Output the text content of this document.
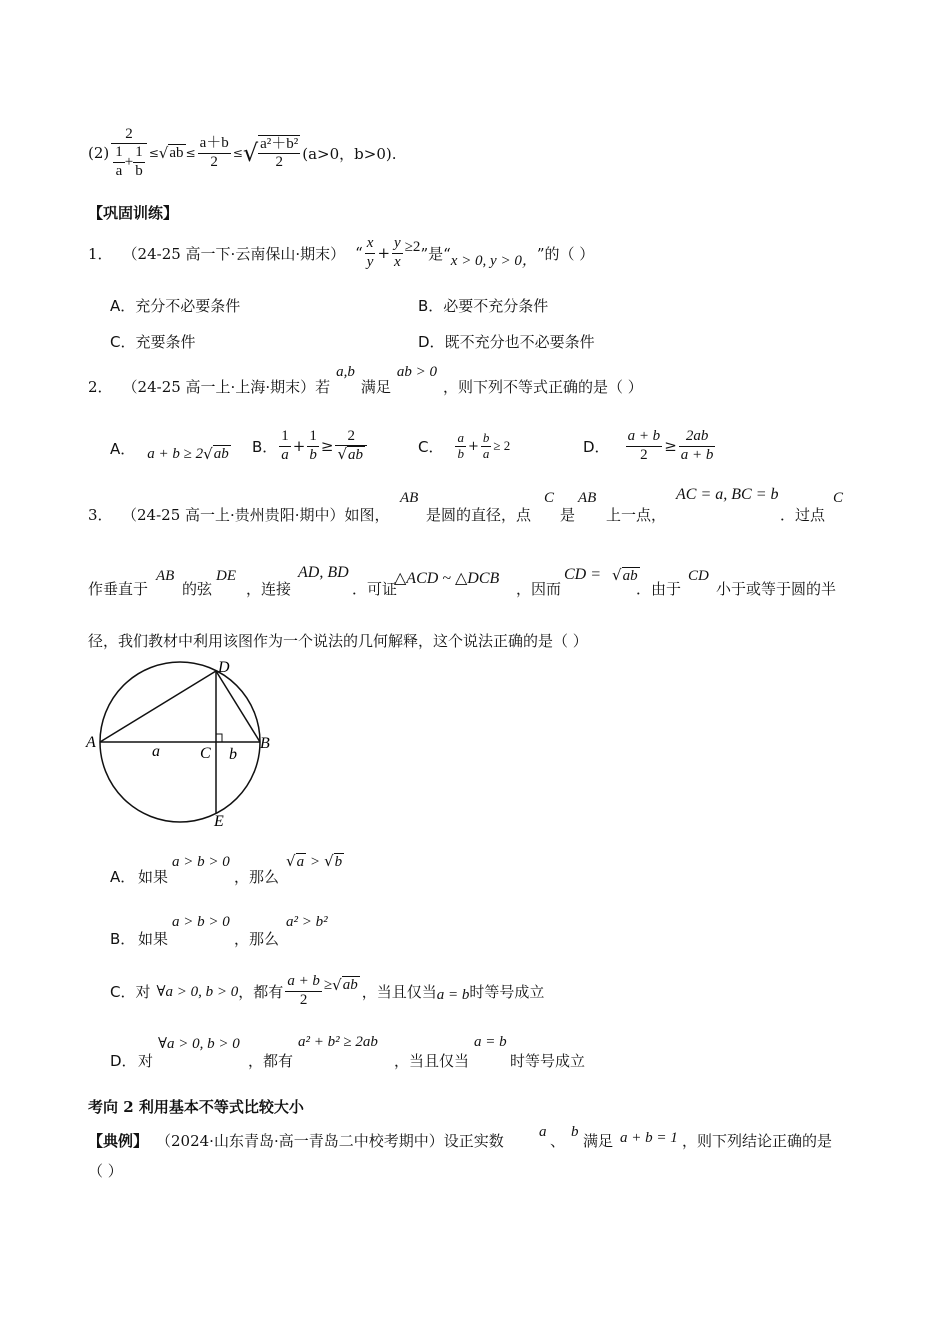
$(2) \frac{2}{\frac{1}{a} + \frac{1}{b}}$ ≤ √ ab ≤ $\frac{a+b}{2}$ ≤ √ $\frac{\text{a²＋b²}}{2} (a>0$，b>0).
【巩固训练】
1． （24-25 高一下·云南保山·期末） “ $\frac{x}{y} + \frac{y}{x} \ge 2$ ”是“ x > 0, y > 0， ”的（ ）
A．充分不必要条件	B．必要不充分条件
C．充要条件	D．既不充分也不必要条件
2． （24-25 高一上·上海·期末）若
a,b
满足
ab > 0
，则下列不等式正确的是（ ）
A． a + b ≥ 2 √ ab B． $\frac{1}{a} + \frac{1}{b} \ge \frac{2}{√ab}$	C． $\frac{a}{b} + \frac{b}{a} \ge 2$	D． $\frac{a + b}{2} \ge \frac{2ab}{a + b}$
3． （24-25 高一上·贵州贵阳·期中）如图，
AB
是圆的直径，点
C
是
AB
上一点，
AC = a, BC = b
．过点
C
作垂直于
AB
的弦
DE
，连接
AD, BD
．可证
△ACD ~ △DCB
，因而
CD = √ab
．由于
CD
小于或等于圆的半
径，我们教材中利用该图作为一个说法的几何解释，这个说法正确的是（ ）
A	B
C
D
E
a	b
A． 如果
a > b > 0
，那么
√a > √b
B． 如果
a > b > 0
，那么
a² > b²
C． 对 ∀a > 0, b > 0 ，都有 $\frac{a + b}{2}$ ≥ √ ab ，当且仅当 a = b 时等号成立
D． 对
∀a > 0, b > 0
，都有
a² + b² ≥ 2ab
，当且仅当
a = b
时等号成立
考向 2 利用基本不等式比较大小
【典例】 （2024·山东青岛·高一青岛二中校考期中）设正实数 a 、 b 满足 a + b = 1 ，则下列结论正确的是
（ ）
